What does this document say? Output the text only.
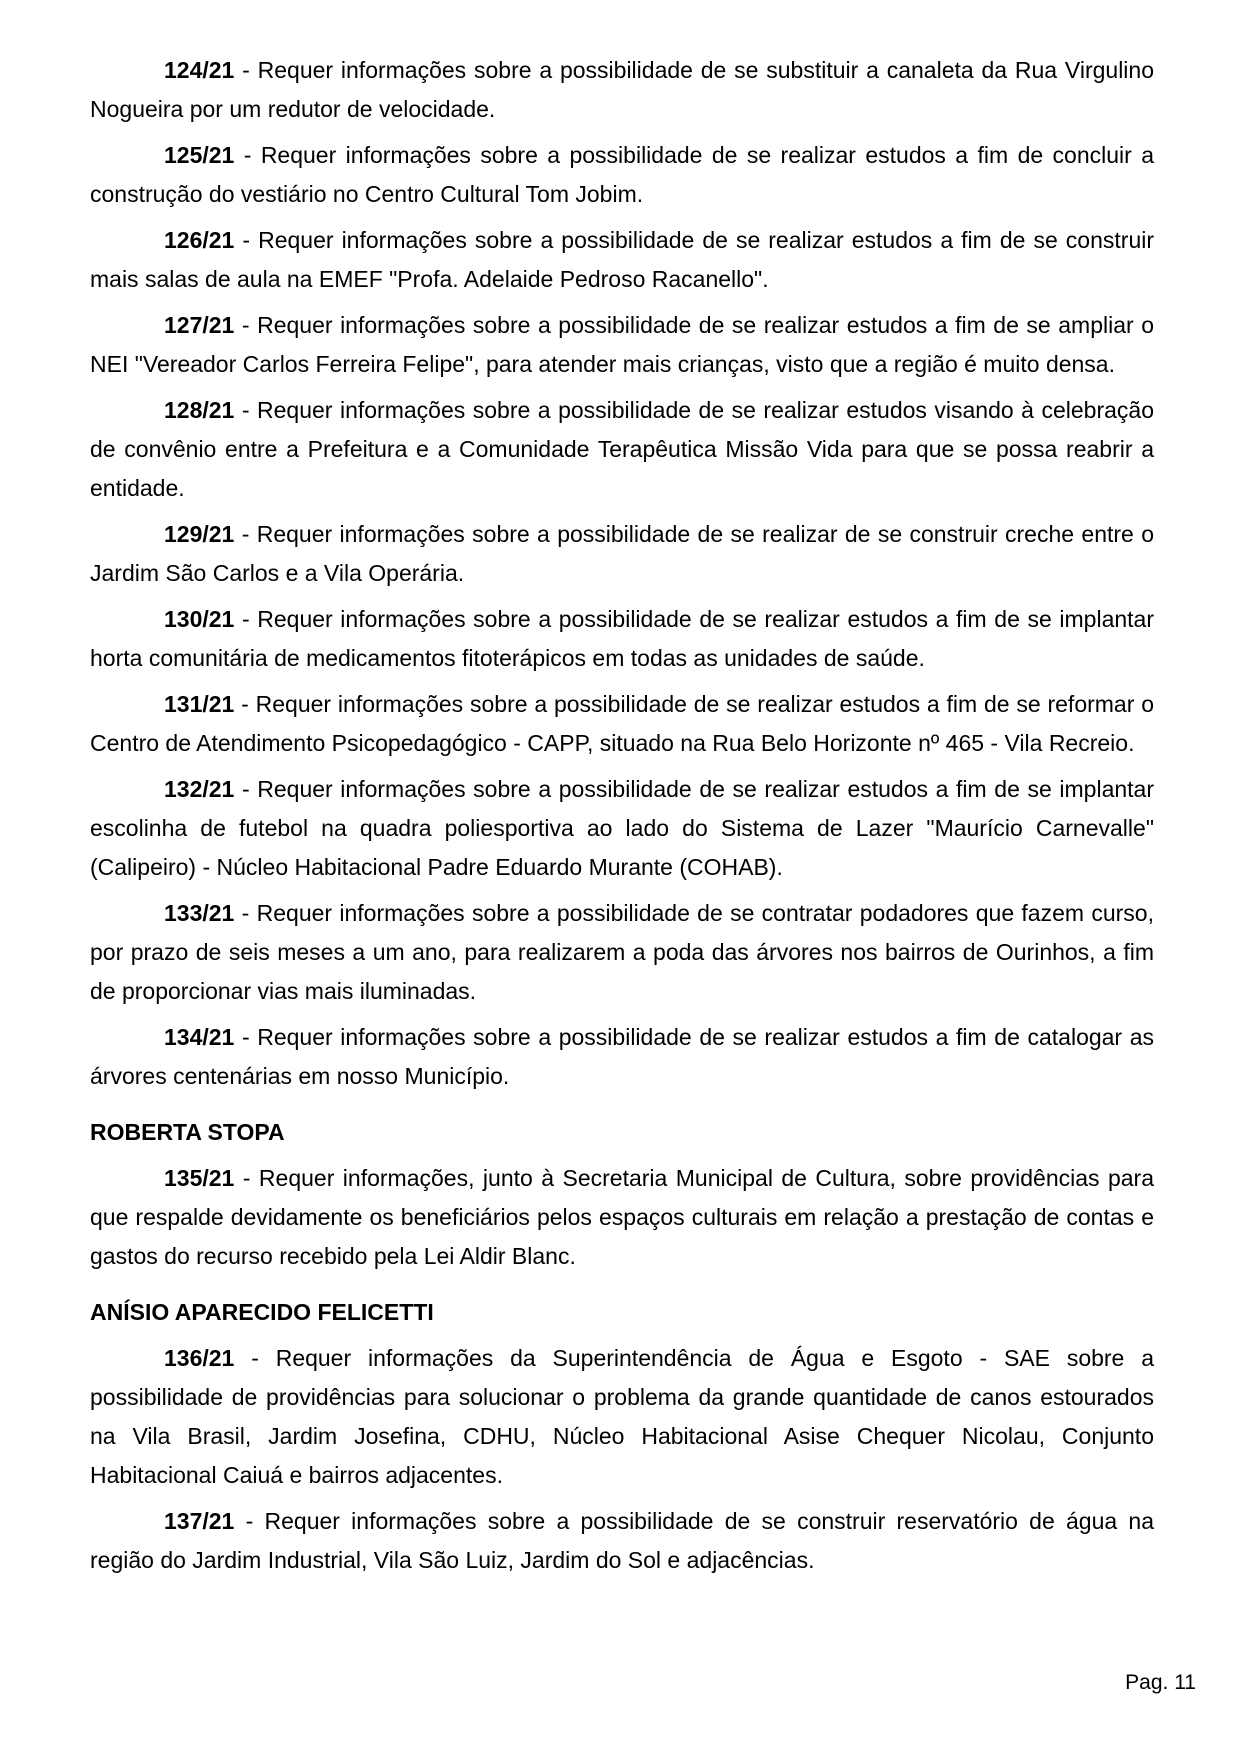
124/21 - Requer informações sobre a possibilidade de se substituir a canaleta da Rua Virgulino Nogueira por um redutor de velocidade.

125/21 - Requer informações sobre a possibilidade de se realizar estudos a fim de concluir a construção do vestiário no Centro Cultural Tom Jobim.

126/21 - Requer informações sobre a possibilidade de se realizar estudos a fim de se construir mais salas de aula na EMEF "Profa. Adelaide Pedroso Racanello".

127/21 - Requer informações sobre a possibilidade de se realizar estudos a fim de se ampliar o NEI "Vereador Carlos Ferreira Felipe", para atender mais crianças, visto que a região é muito densa.

128/21 - Requer informações sobre a possibilidade de se realizar estudos visando à celebração de convênio entre a Prefeitura e a Comunidade Terapêutica Missão Vida para que se possa reabrir a entidade.

129/21 - Requer informações sobre a possibilidade de se realizar de se construir creche entre o Jardim São Carlos e a Vila Operária.

130/21 - Requer informações sobre a possibilidade de se realizar estudos a fim de se implantar horta comunitária de medicamentos fitoterápicos em todas as unidades de saúde.

131/21 - Requer informações sobre a possibilidade de se realizar estudos a fim de se reformar o Centro de Atendimento Psicopedagógico - CAPP, situado na Rua Belo Horizonte nº 465 - Vila Recreio.

132/21 - Requer informações sobre a possibilidade de se realizar estudos a fim de se implantar escolinha de futebol na quadra poliesportiva ao lado do Sistema de Lazer "Maurício Carnevalle" (Calipeiro) - Núcleo Habitacional Padre Eduardo Murante (COHAB).

133/21 - Requer informações sobre a possibilidade de se contratar podadores que fazem curso, por prazo de seis meses a um ano, para realizarem a poda das árvores nos bairros de Ourinhos, a fim de proporcionar vias mais iluminadas.

134/21 - Requer informações sobre a possibilidade de se realizar estudos a fim de catalogar as árvores centenárias em nosso Município.

ROBERTA STOPA

135/21 - Requer informações, junto à Secretaria Municipal de Cultura, sobre providências para que respalde devidamente os beneficiários pelos espaços culturais em relação a prestação de contas e gastos do recurso recebido pela Lei Aldir Blanc.

ANÍSIO APARECIDO FELICETTI

136/21 - Requer informações da Superintendência de Água e Esgoto - SAE sobre a possibilidade de providências para solucionar o problema da grande quantidade de canos estourados na Vila Brasil, Jardim Josefina, CDHU, Núcleo Habitacional Asise Chequer Nicolau, Conjunto Habitacional Caiuá e bairros adjacentes.

137/21 - Requer informações sobre a possibilidade de se construir reservatório de água na região do Jardim Industrial, Vila São Luiz, Jardim do Sol e adjacências.

Pag. 11
